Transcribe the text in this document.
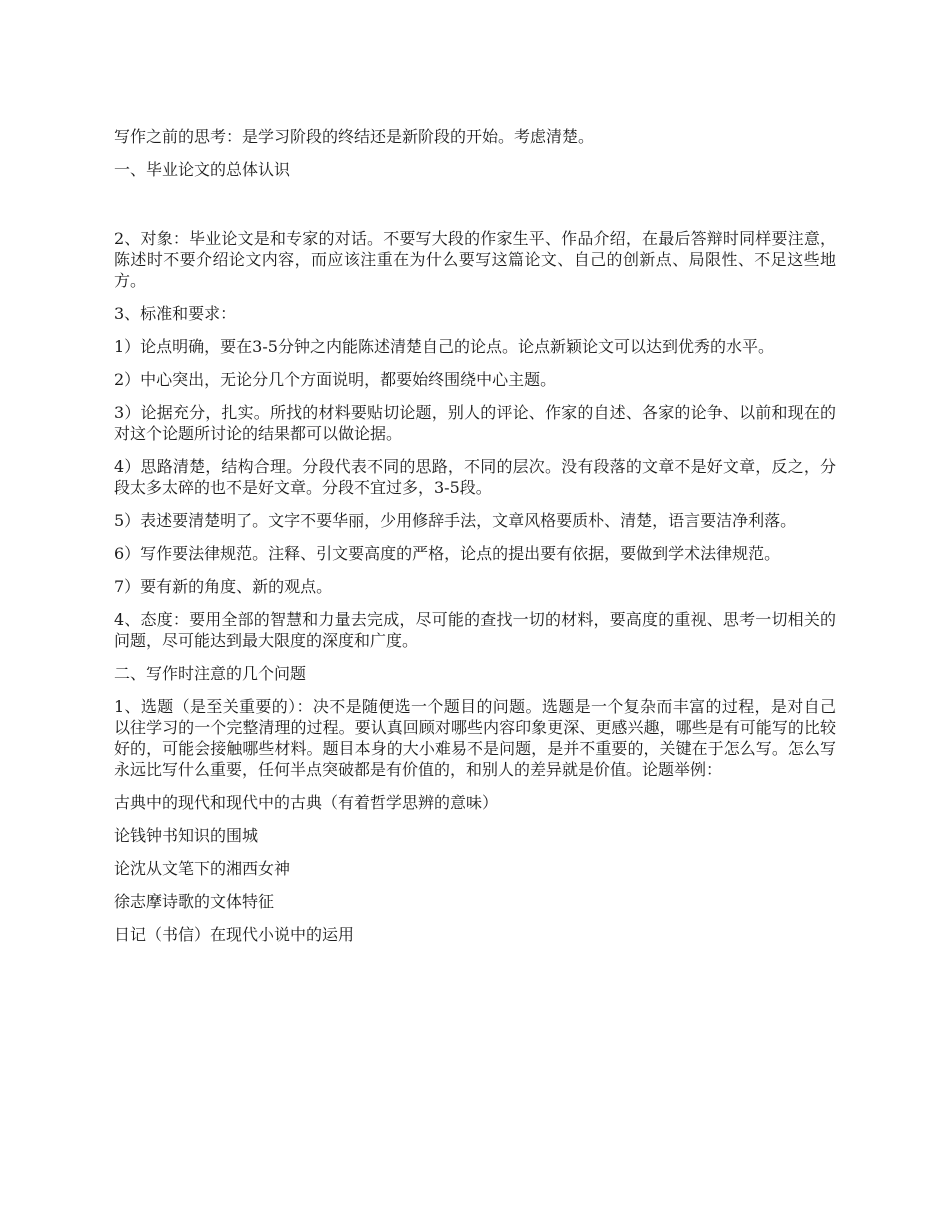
写作之前的思考：是学习阶段的终结还是新阶段的开始。考虑清楚。

一、毕业论文的总体认识

2、对象：毕业论文是和专家的对话。不要写大段的作家生平、作品介绍，在最后答辩时同样要注意，陈述时不要介绍论文内容，而应该注重在为什么要写这篇论文、自己的创新点、局限性、不足这些地方。

3、标准和要求：

1）论点明确，要在3-5分钟之内能陈述清楚自己的论点。论点新颖论文可以达到优秀的水平。

2）中心突出，无论分几个方面说明，都要始终围绕中心主题。

3）论据充分，扎实。所找的材料要贴切论题，别人的评论、作家的自述、各家的论争、以前和现在的对这个论题所讨论的结果都可以做论据。

4）思路清楚，结构合理。分段代表不同的思路，不同的层次。没有段落的文章不是好文章，反之，分段太多太碎的也不是好文章。分段不宜过多，3-5段。

5）表述要清楚明了。文字不要华丽，少用修辞手法，文章风格要质朴、清楚，语言要洁净利落。

6）写作要法律规范。注释、引文要高度的严格，论点的提出要有依据，要做到学术法律规范。

7）要有新的角度、新的观点。

4、态度：要用全部的智慧和力量去完成，尽可能的查找一切的材料，要高度的重视、思考一切相关的问题，尽可能达到最大限度的深度和广度。

二、写作时注意的几个问题

1、选题（是至关重要的）：决不是随便选一个题目的问题。选题是一个复杂而丰富的过程，是对自己以往学习的一个完整清理的过程。要认真回顾对哪些内容印象更深、更感兴趣，哪些是有可能写的比较好的，可能会接触哪些材料。题目本身的大小难易不是问题，是并不重要的，关键在于怎么写。怎么写永远比写什么重要，任何半点突破都是有价值的，和别人的差异就是价值。论题举例：

古典中的现代和现代中的古典（有着哲学思辨的意味）

论钱钟书知识的围城

论沈从文笔下的湘西女神

徐志摩诗歌的文体特征

日记（书信）在现代小说中的运用
